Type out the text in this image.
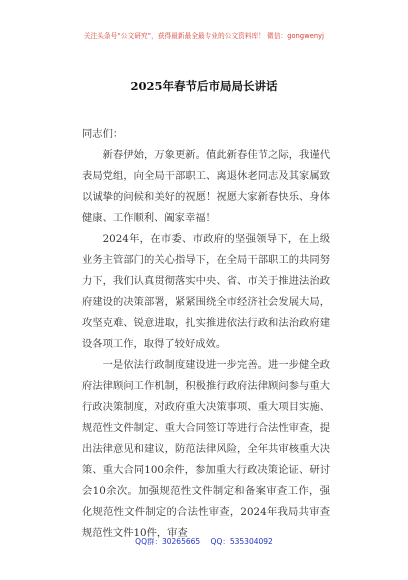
关注头条号“公文研究”，获得最新最全最专业的公文资料库！ 微信：gongwenyj
2025年春节后市局局长讲话

同志们：

新春伊始，万象更新。值此新春佳节之际，我谨代表局党组，向全局干部职工、离退休老同志及其家属致以诚挚的问候和美好的祝愿！祝愿大家新春快乐、身体健康、工作顺利、阖家幸福！

2024年，在市委、市政府的坚强领导下，在上级业务主管部门的关心指导下，在全局干部职工的共同努力下，我们认真贯彻落实中央、省、市关于推进法治政府建设的决策部署，紧紧围绕全市经济社会发展大局，攻坚克难、锐意进取，扎实推进依法行政和法治政府建设各项工作，取得了较好成效。

一是依法行政制度建设进一步完善。进一步健全政府法律顾问工作机制，积极推行政府法律顾问参与重大行政决策制度，对政府重大决策事项、重大项目实施、规范性文件制定、重大合同签订等进行合法性审查，提出法律意见和建议，防范法律风险，全年共审核重大决策、重大合同100余件，参加重大行政决策论证、研讨会10余次。加强规范性文件制定和备案审查工作，强化规范性文件制定的合法性审查，2024年我局共审查规范性文件10件，审查

QQ群：30265665 QQ：535304092
